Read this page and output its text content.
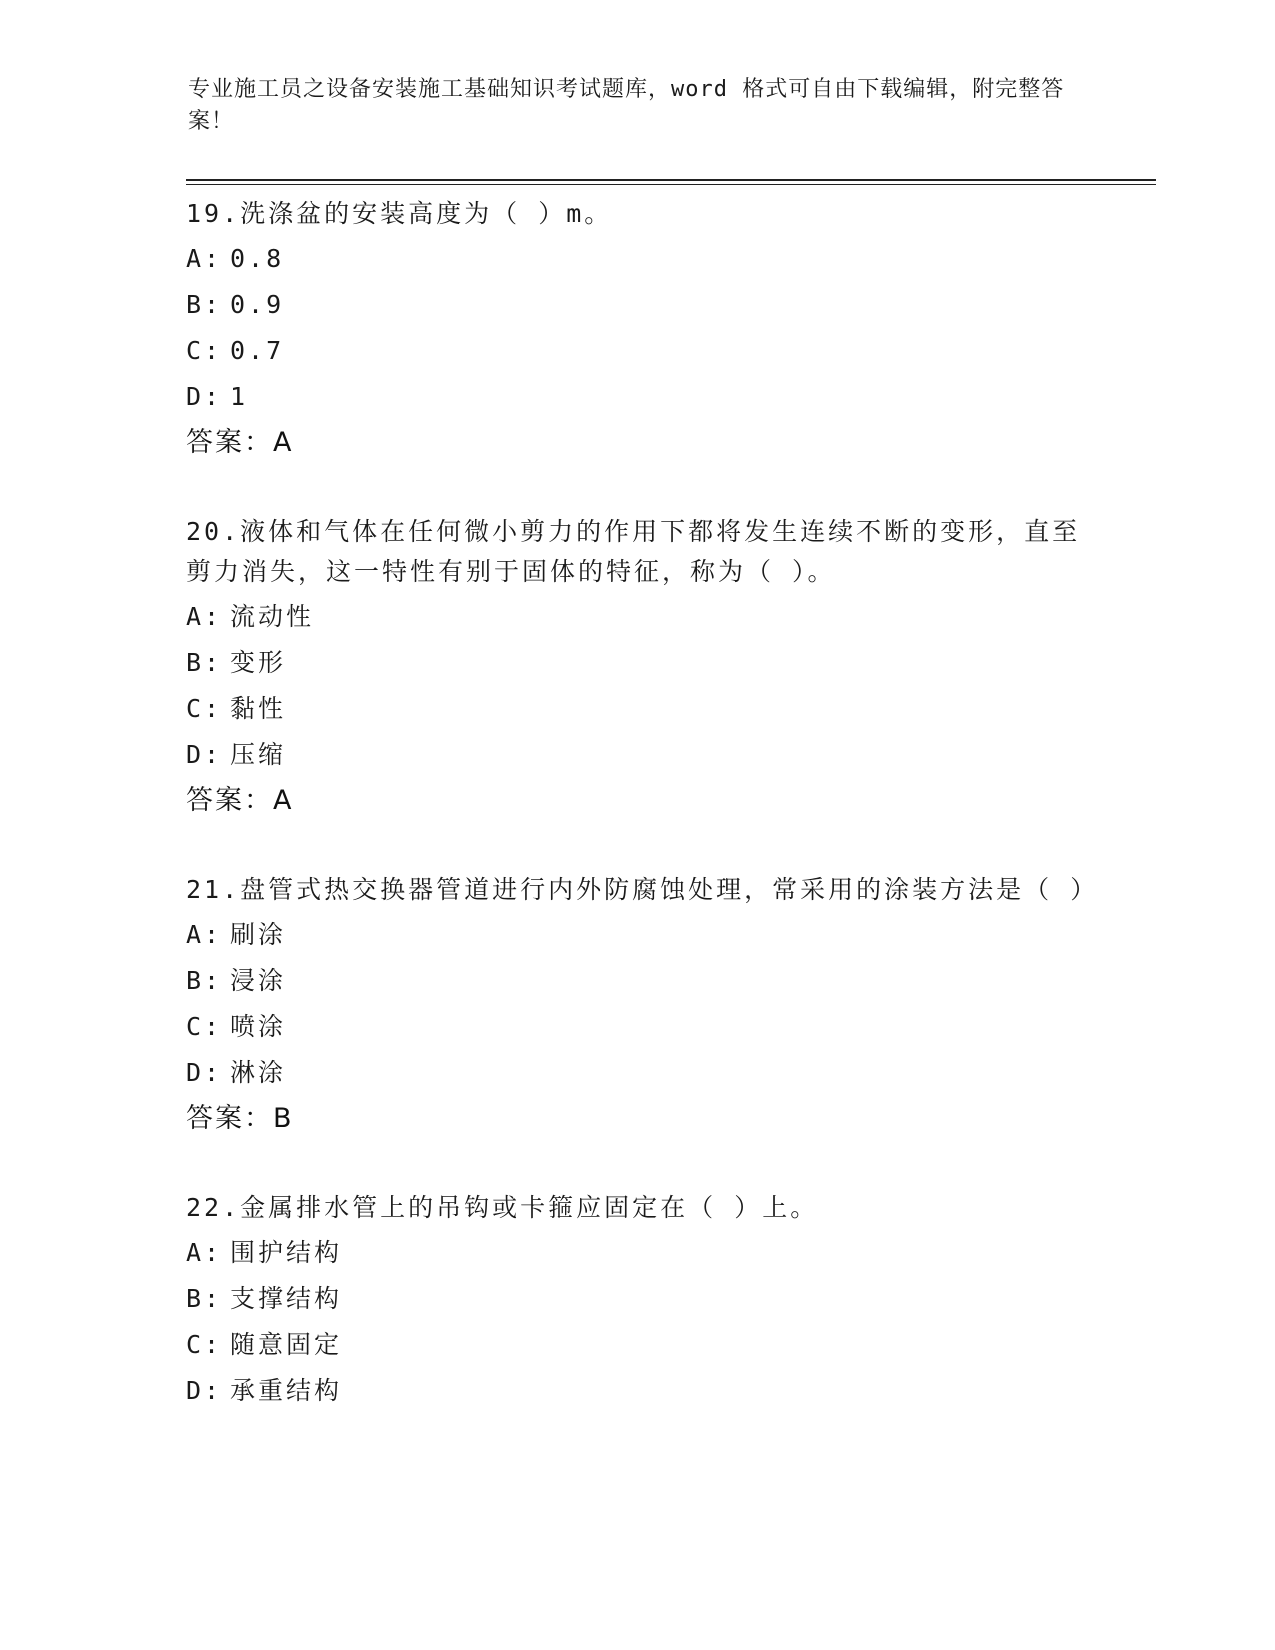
专业施工员之设备安装施工基础知识考试题库，word 格式可自由下载编辑，附完整答案！
19.洗涤盆的安装高度为（ ）m。
A: 0.8
B: 0.9
C: 0.7
D: 1
答案：A
20.液体和气体在任何微小剪力的作用下都将发生连续不断的变形，直至剪力消失，这一特性有别于固体的特征，称为（ ）。
A: 流动性
B: 变形
C: 黏性
D: 压缩
答案：A
21.盘管式热交换器管道进行内外防腐蚀处理，常采用的涂装方法是（ ）
A: 刷涂
B: 浸涂
C: 喷涂
D: 淋涂
答案：B
22.金属排水管上的吊钩或卡箍应固定在（ ）上。
A: 围护结构
B: 支撑结构
C: 随意固定
D: 承重结构
